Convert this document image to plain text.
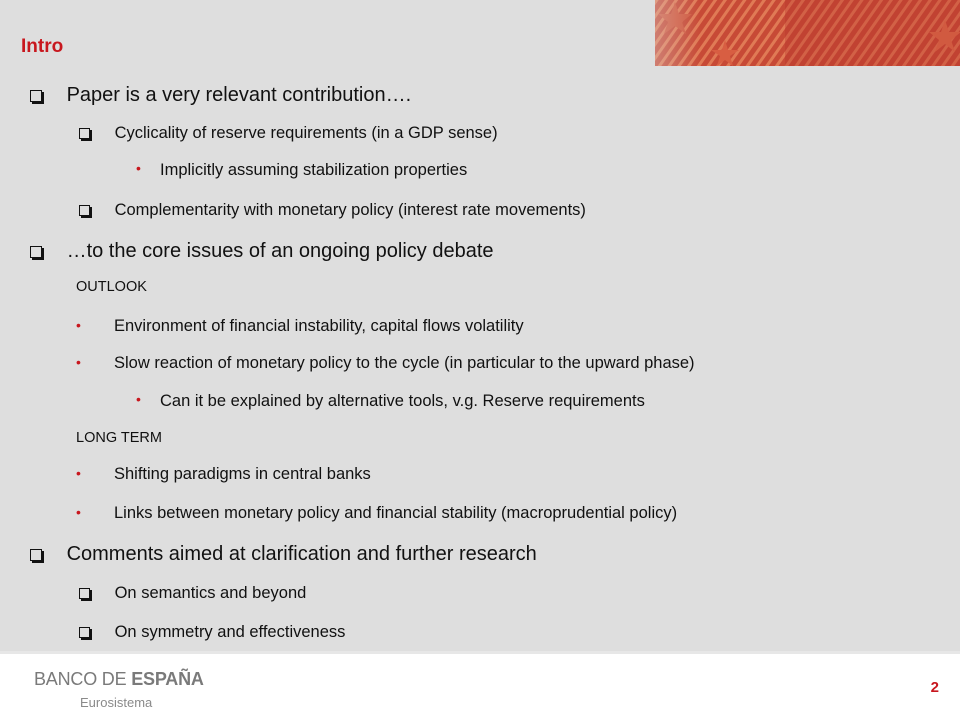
Intro
Paper is a very relevant contribution….
Cyclicality of reserve requirements (in a GDP sense)
• Implicitly assuming stabilization properties
Complementarity with monetary policy (interest rate movements)
…to the core issues of an ongoing policy debate
OUTLOOK
• Environment of financial instability, capital flows volatility
• Slow reaction of monetary policy to the cycle (in particular to the upward phase)
• Can it be explained by alternative tools, v.g. Reserve requirements
LONG TERM
• Shifting paradigms in central banks
• Links between monetary policy and financial stability (macroprudential policy)
Comments aimed at clarification and further research
On semantics and beyond
On symmetry and effectiveness
BANCO DE ESPAÑA
Eurosistema
2
